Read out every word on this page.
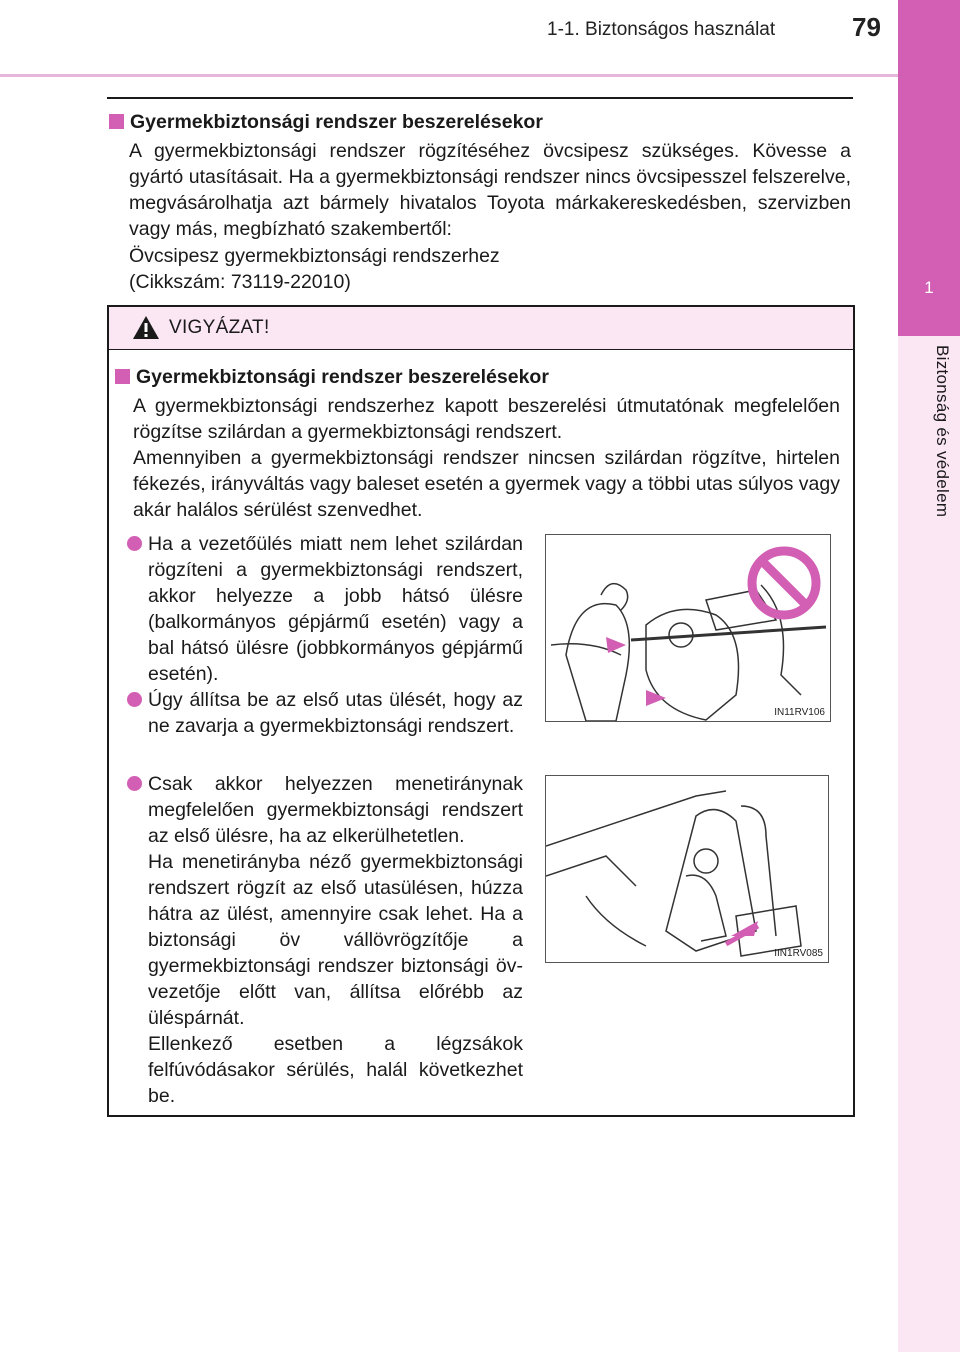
1-1. Biztonságos használat	79
1
Biztonság és védelem
Gyermekbiztonsági rendszer beszerelésekor
A gyermekbiztonsági rendszer rögzítéséhez övcsipesz szükséges. Kövesse a gyártó utasításait. Ha a gyermekbiztonsági rendszer nincs övcsipesszel felszerelve, megvásárolhatja azt bármely hivatalos Toyota márkakereskedésben, szervizben vagy más, megbízható szakembertől:
Övcsipesz gyermekbiztonsági rendszerhez
(Cikkszám: 73119-22010)
VIGYÁZAT!
Gyermekbiztonsági rendszer beszerelésekor
A gyermekbiztonsági rendszerhez kapott beszerelési útmutatónak megfelelően rögzítse szilárdan a gyermekbiztonsági rendszert.
Amennyiben a gyermekbiztonsági rendszer nincsen szilárdan rögzítve, hirtelen fékezés, irányváltás vagy baleset esetén a gyermek vagy a többi utas súlyos vagy akár halálos sérülést szenvedhet.
Ha a vezetőülés miatt nem lehet szilárdan rögzíteni a gyermekbiztonsági rendszert, akkor helyezze a jobb hátsó ülésre (balkormányos gépjármű esetén) vagy a bal hátsó ülésre (jobbkormányos gépjármű esetén).
Úgy állítsa be az első utas ülését, hogy az ne zavarja a gyermekbiztonsági rendszert.
Csak akkor helyezzen menetiránynak megfelelően gyermekbiztonsági rendszert az első ülésre, ha az elkerülhetetlen.
Ha menetirányba néző gyermekbiztonsági rendszert rögzít az első utasülésen, húzza hátra az ülést, amennyire csak lehet. Ha a biztonsági öv vállövrögzítője a gyermekbiztonsági rendszer biztonsági öv-vezetője előtt van, állítsa előrébb az üléspárnát.
Ellenkező esetben a légzsákok felfúvódásakor sérülés, halál következhet be.
IN11RV106
IIN1RV085
